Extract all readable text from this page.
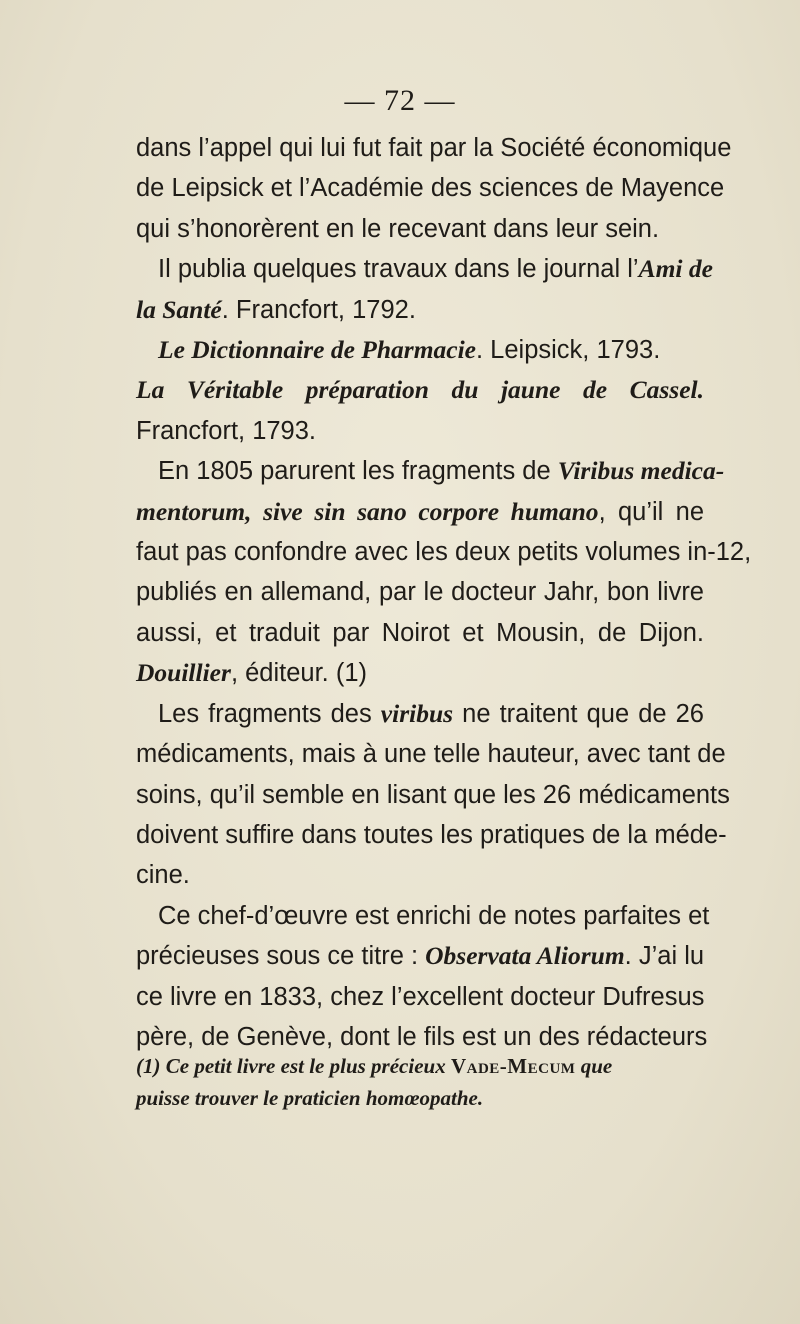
— 72 —
dans l’appel qui lui fut fait par la Société économique
de Leipsick et l’Académie des sciences de Mayence
qui s’honorèrent en le recevant dans leur sein.
Il publia quelques travaux dans le journal l’Ami de
la Santé. Francfort, 1792.
Le Dictionnaire de Pharmacie. Leipsick, 1793.
La Véritable préparation du jaune de Cassel.
Francfort, 1793.
En 1805 parurent les fragments de Viribus medica-
mentorum, sive sin sano corpore humano, qu’il ne
faut pas confondre avec les deux petits volumes in-12,
publiés en allemand, par le docteur Jahr, bon livre
aussi, et traduit par Noirot et Mousin, de Dijon.
Douillier, éditeur. (1)
Les fragments des viribus ne traitent que de 26
médicaments, mais à une telle hauteur, avec tant de
soins, qu’il semble en lisant que les 26 médicaments
doivent suffire dans toutes les pratiques de la méde-
cine.
Ce chef-d’œuvre est enrichi de notes parfaites et
précieuses sous ce titre : Observata Aliorum. J’ai lu
ce livre en 1833, chez l’excellent docteur Dufresus
père, de Genève, dont le fils est un des rédacteurs
(1) Ce petit livre est le plus précieux Vade-Mecum que
puisse trouver le praticien homœopathe.
